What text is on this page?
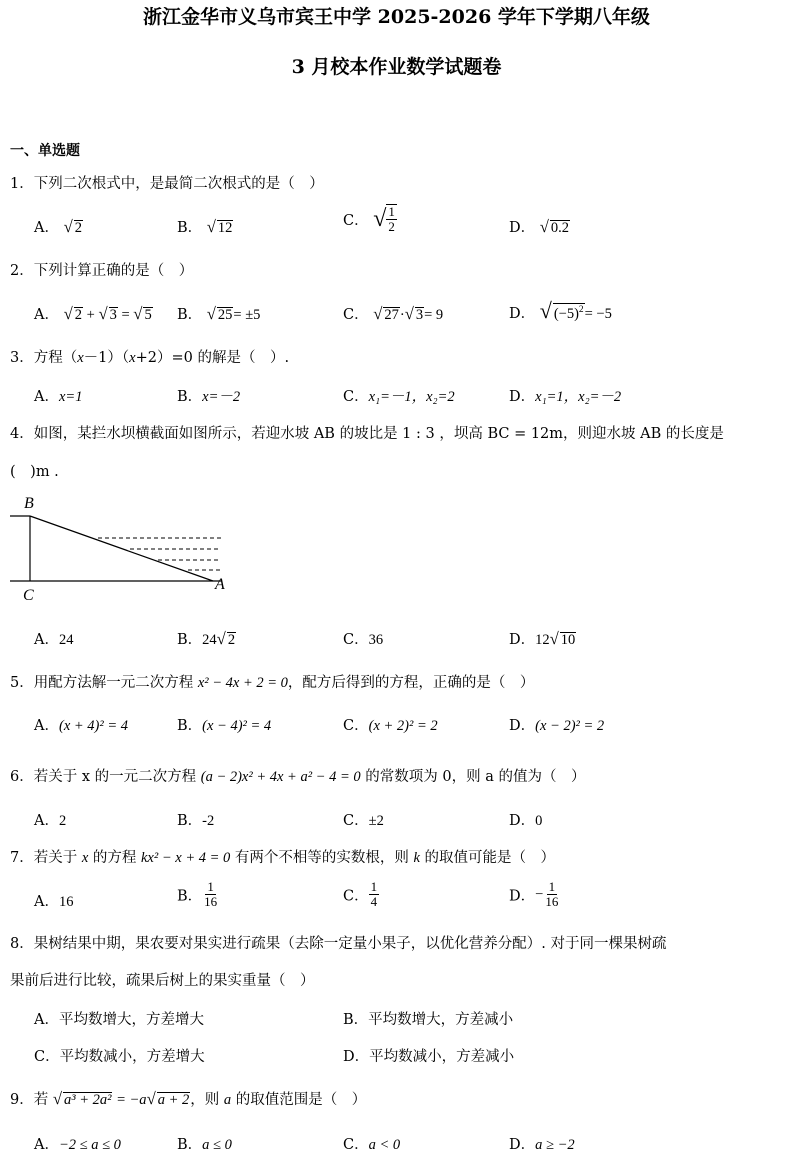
浙江金华市义乌市宾王中学 2025-2026 学年下学期八年级
3 月校本作业数学试题卷
一、单选题
1．下列二次根式中，是最简二次根式的是（　）
A． √ 2	B． √ 12	C． √ $\frac{1}{2}$	D． √ 0.2
2．下列计算正确的是（　）
A． √ 2 + √ 3 = √ 5 B． √ 25= ±5	C． √ 27·√ 3= 9	D． √ $(-5)^2= -5$
3．方程（x－1）（x+2）=0 的解是（　）.
A．x=1	B．x=－2	C．x₁=－1，x₂=2	D．x₁=1，x₂=－2
4．如图，某拦水坝横截面如图所示，若迎水坡 AB 的坡比是 1 : 3 ，坝高 BC = 12m，则迎水坡 AB 的长度是
(　)m .
B
C
A
A．24	B．24√ 2	C．36	D．12√ 10
5．用配方法解一元二次方程 x² − 4x + 2 = 0，配方后得到的方程，正确的是（　）
A．(x + 4)² = 4	B．(x − 4)² = 4	C．(x + 2)² = 2	D．(x − 2)² = 2
6．若关于 x 的一元二次方程 (a − 2)x² + 4x + a² − 4 = 0 的常数项为 0，则 a 的值为（　）
A．2	B．-2	C．±2	D．0
7．若关于 x 的方程 kx² − x + 4 = 0 有两个不相等的实数根，则 k 的取值可能是（　）
A．16	B． $\frac{1}{16}$	C． $\frac{1}{4}$	D．− $\frac{1}{16}$
8．果树结果中期，果农要对果实进行疏果（去除一定量小果子，以优化营养分配）. 对于同一棵果树疏
果前后进行比较，疏果后树上的果实重量（　）
A．平均数增大，方差增大	B．平均数增大，方差减小
C．平均数减小，方差增大	D．平均数减小，方差减小
9．若 √ a³ + 2a² = −a√ a + 2，则 a 的取值范围是（　）
A．−2 ≤ a ≤ 0	B．a ≤ 0	C．a < 0	D．a ≥ −2
